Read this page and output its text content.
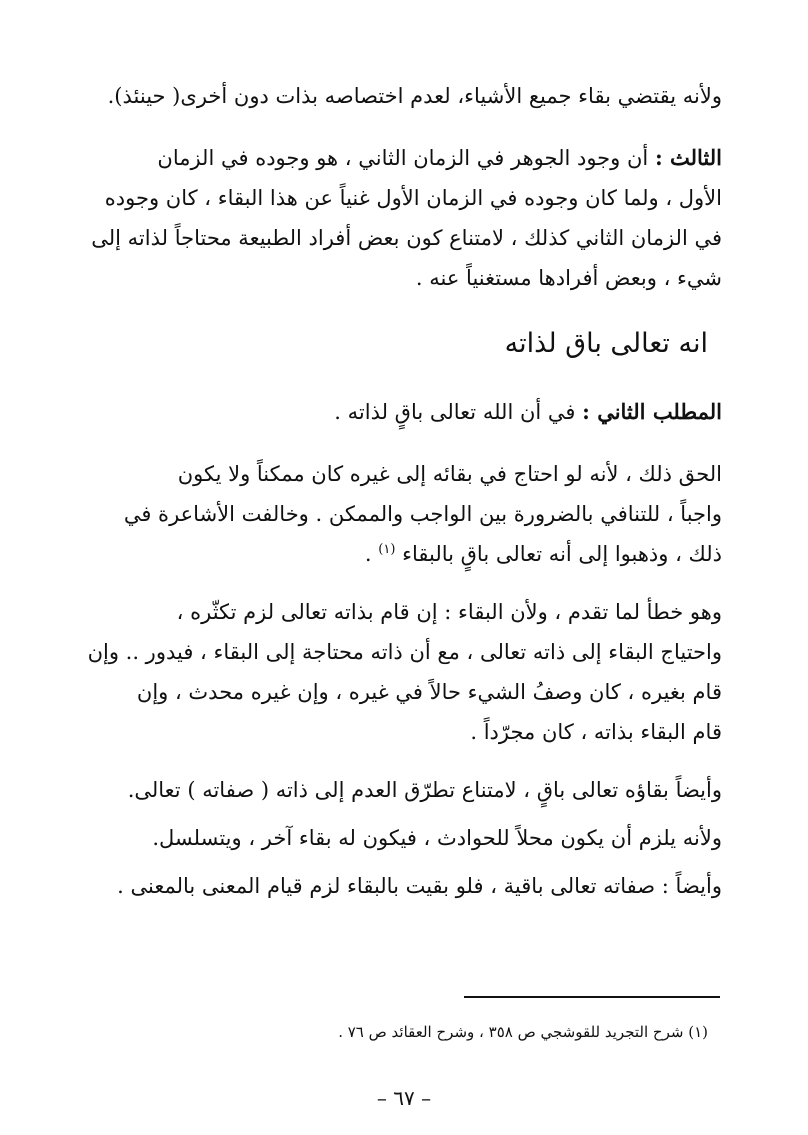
ولأنه يقتضي بقاء جميع الأشياء، لعدم اختصاصه بذات دون أخرى( حينئذ).
الثالث : أن وجود الجوهر في الزمان الثاني ، هو وجوده في الزمان
الأول ، ولما كان وجوده في الزمان الأول غنياً عن هذا البقاء ، كان وجوده
في الزمان الثاني كذلك ، لامتناع كون بعض أفراد الطبيعة محتاجاً لذاته إلى
شيء ، وبعض أفرادها مستغنياً عنه .
انه تعالى باق لذاته
المطلب الثاني : في أن الله تعالى باقٍ لذاته .
الحق ذلك ، لأنه لو احتاج في بقائه إلى غيره كان ممكناً ولا يكون
واجباً ، للتنافي بالضرورة بين الواجب والممكن . وخالفت الأشاعرة في
ذلك ، وذهبوا إلى أنه تعالى باقٍ بالبقاء $^{(١)}$ .
وهو خطأ لما تقدم ، ولأن البقاء : إن قام بذاته تعالى لزم تكثّره ،
واحتياج البقاء إلى ذاته تعالى ، مع أن ذاته محتاجة إلى البقاء ، فيدور .. وإن
قام بغيره ، كان وصفُ الشيء حالاً في غيره ، وإن غيره محدث ، وإن
قام البقاء بذاته ، كان مجرّداً .
وأيضاً بقاؤه تعالى باقٍ ، لامتناع تطرّق العدم إلى ذاته ( صفاته ) تعالى.
ولأنه يلزم أن يكون محلاً للحوادث ، فيكون له بقاء آخر ، ويتسلسل.
وأيضاً : صفاته تعالى باقية ، فلو بقيت بالبقاء لزم قيام المعنى بالمعنى .
(١) شرح التجريد للقوشجي ص ٣٥٨ ، وشرح العقائد ص ٧٦ .
– ٦٧ –
